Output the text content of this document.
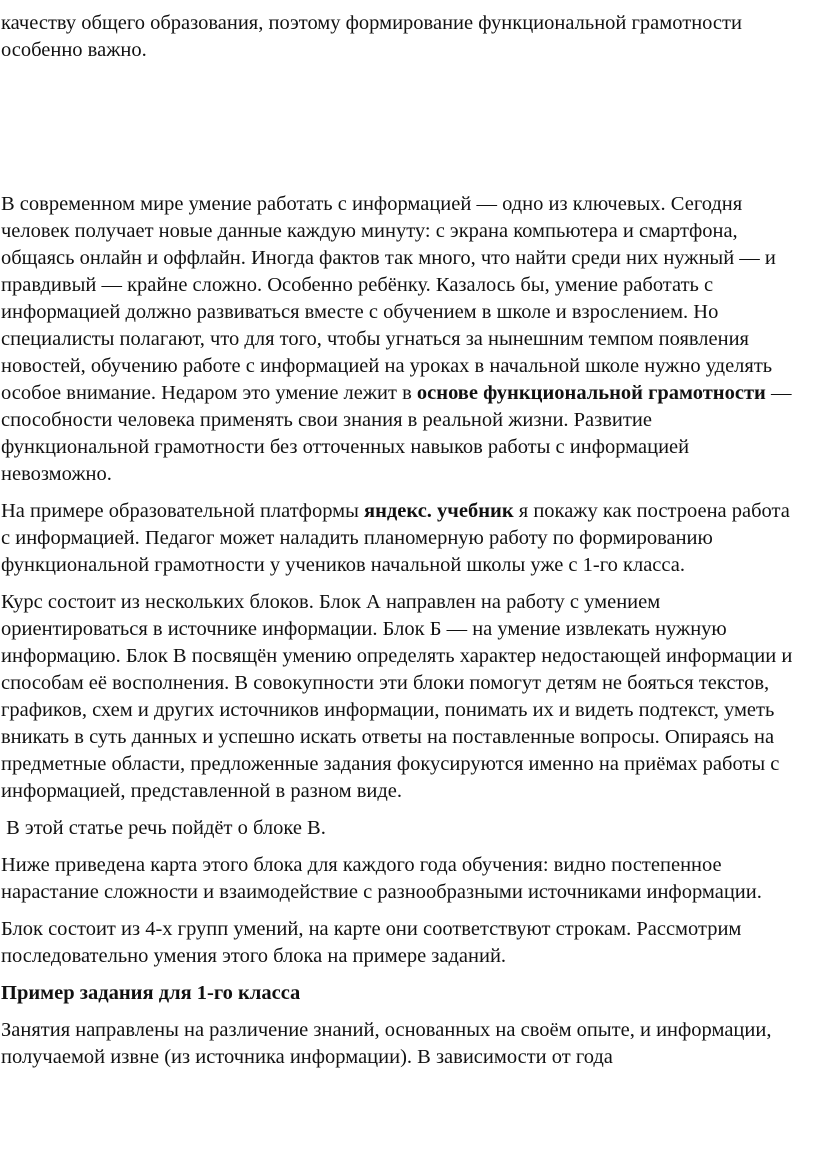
качеству общего образования, поэтому формирование функциональной грамотности особенно важно.

В современном мире умение работать с информацией — одно из ключевых. Сегодня человек получает новые данные каждую минуту: с экрана компьютера и смартфона, общаясь онлайн и оффлайн. Иногда фактов так много, что найти среди них нужный — и правдивый — крайне сложно. Особенно ребёнку. Казалось бы, умение работать с информацией должно развиваться вместе с обучением в школе и взрослением. Но специалисты полагают, что для того, чтобы угнаться за нынешним темпом появления новостей, обучению работе с информацией на уроках в начальной школе нужно уделять особое внимание. Недаром это умение лежит в основе функциональной грамотности — способности человека применять свои знания в реальной жизни. Развитие функциональной грамотности без отточенных навыков работы с информацией невозможно.

На примере образовательной платформы яндекс. учебник я покажу как построена работа с информацией. Педагог может наладить планомерную работу по формированию функциональной грамотности у учеников начальной школы уже с 1-го класса.

Курс состоит из нескольких блоков. Блок А направлен на работу с умением ориентироваться в источнике информации. Блок Б — на умение извлекать нужную информацию. Блок В посвящён умению определять характер недостающей информации и способам её восполнения. В совокупности эти блоки помогут детям не бояться текстов, графиков, схем и других источников информации, понимать их и видеть подтекст, уметь вникать в суть данных и успешно искать ответы на поставленные вопросы. Опираясь на предметные области, предложенные задания фокусируются именно на приёмах работы с информацией, представленной в разном виде.

В этой статье речь пойдёт о блоке В.

Ниже приведена карта этого блока для каждого года обучения: видно постепенное нарастание сложности и взаимодействие с разнообразными источниками информации.

Блок состоит из 4-х групп умений, на карте они соответствуют строкам. Рассмотрим последовательно умения этого блока на примере заданий.

Пример задания для 1-го класса

Занятия направлены на различение знаний, основанных на своём опыте, и информации, получаемой извне (из источника информации). В зависимости от года
